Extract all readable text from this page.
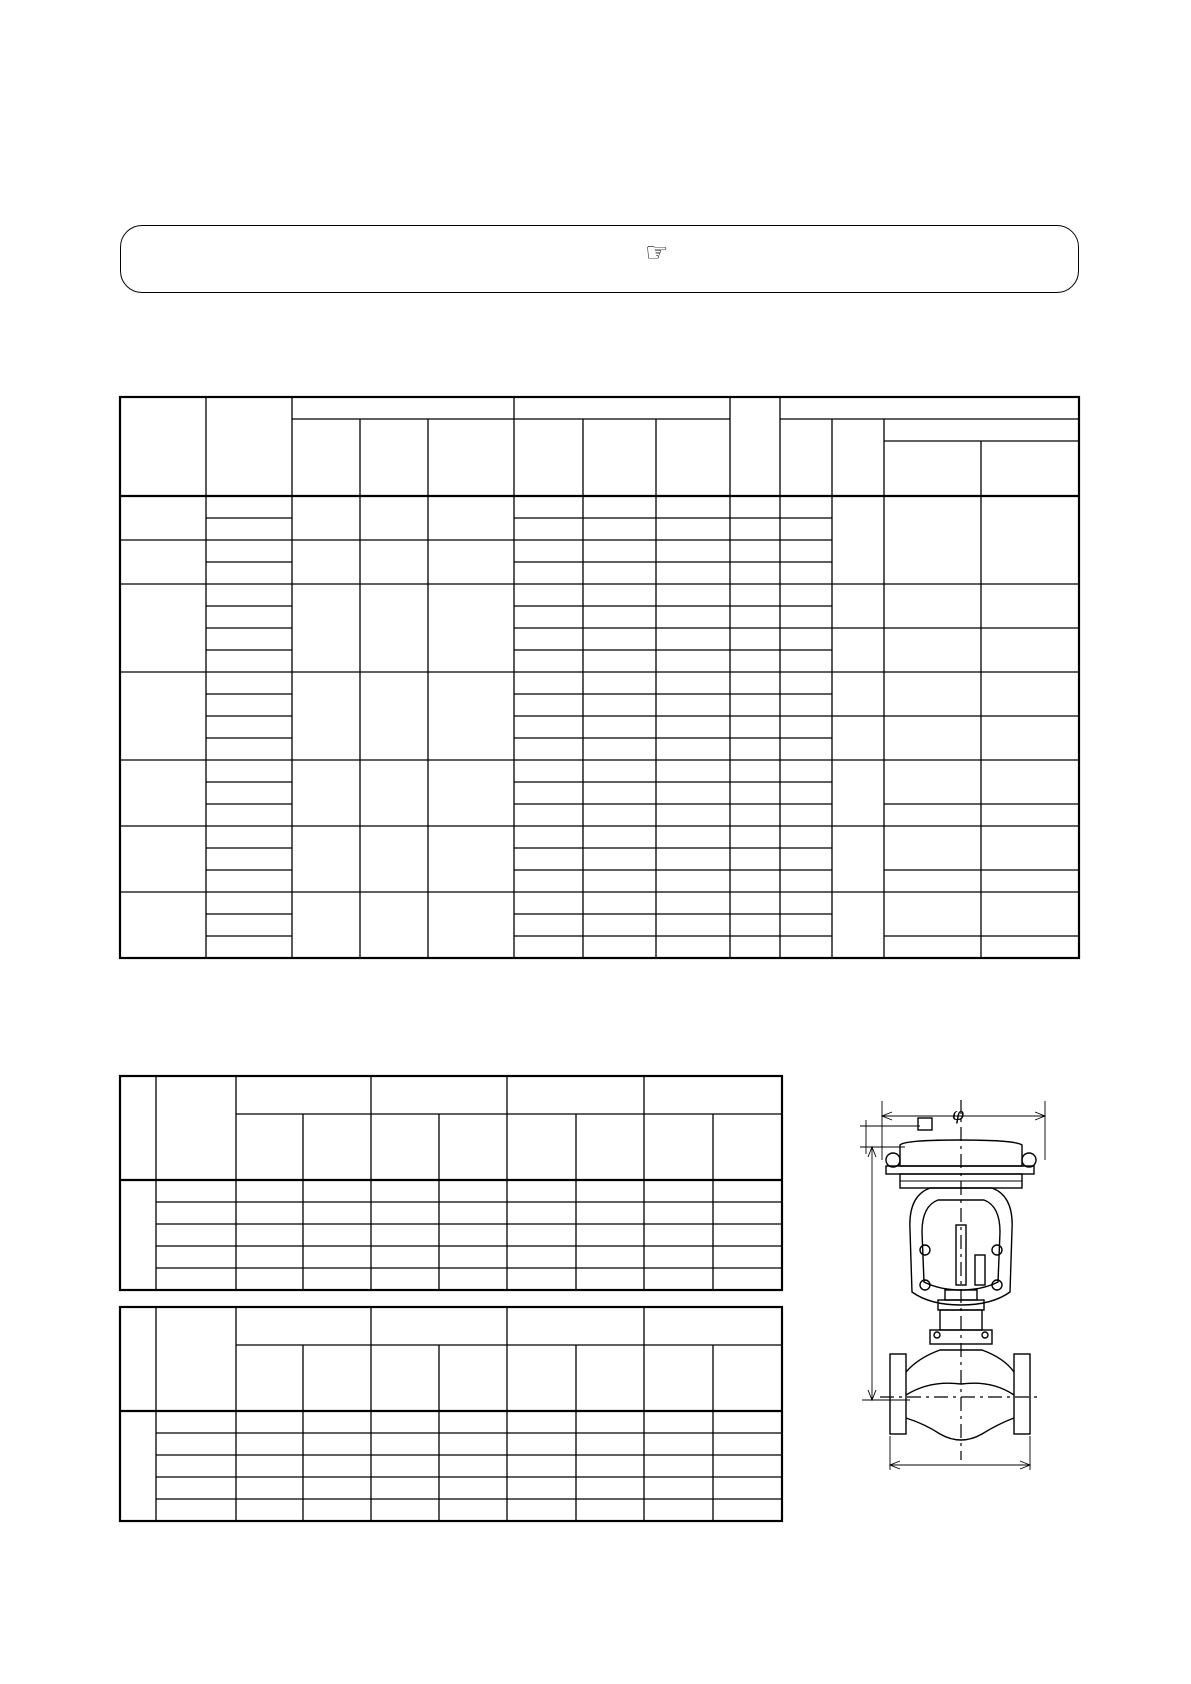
☞
φ
